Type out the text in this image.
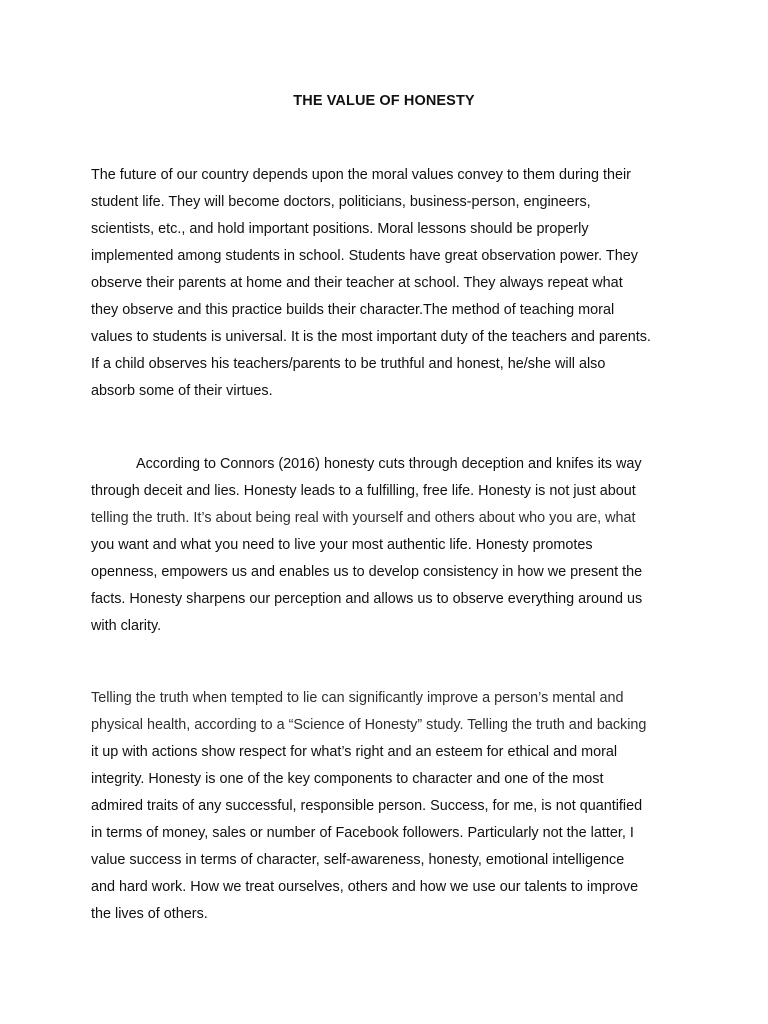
THE VALUE OF HONESTY

The future of our country depends upon the moral values convey to them during their
student life. They will become doctors, politicians, business-person, engineers,
scientists, etc., and hold important positions. Moral lessons should be properly
implemented among students in school. Students have great observation power. They
observe their parents at home and their teacher at school. They always repeat what
they observe and this practice builds their character.The method of teaching moral
values to students is universal. It is the most important duty of the teachers and parents.
If a child observes his teachers/parents to be truthful and honest, he/she will also
absorb some of their virtues.

According to Connors (2016) honesty cuts through deception and knifes its way
through deceit and lies. Honesty leads to a fulfilling, free life. Honesty is not just about
telling the truth. It’s about being real with yourself and others about who you are, what
you want and what you need to live your most authentic life. Honesty promotes
openness, empowers us and enables us to develop consistency in how we present the
facts. Honesty sharpens our perception and allows us to observe everything around us
with clarity.

Telling the truth when tempted to lie can significantly improve a person’s mental and
physical health, according to a “Science of Honesty” study. Telling the truth and backing
it up with actions show respect for what’s right and an esteem for ethical and moral
integrity. Honesty is one of the key components to character and one of the most
admired traits of any successful, responsible person. Success, for me, is not quantified
in terms of money, sales or number of Facebook followers. Particularly not the latter, I
value success in terms of character, self-awareness, honesty, emotional intelligence
and hard work. How we treat ourselves, others and how we use our talents to improve
the lives of others.
